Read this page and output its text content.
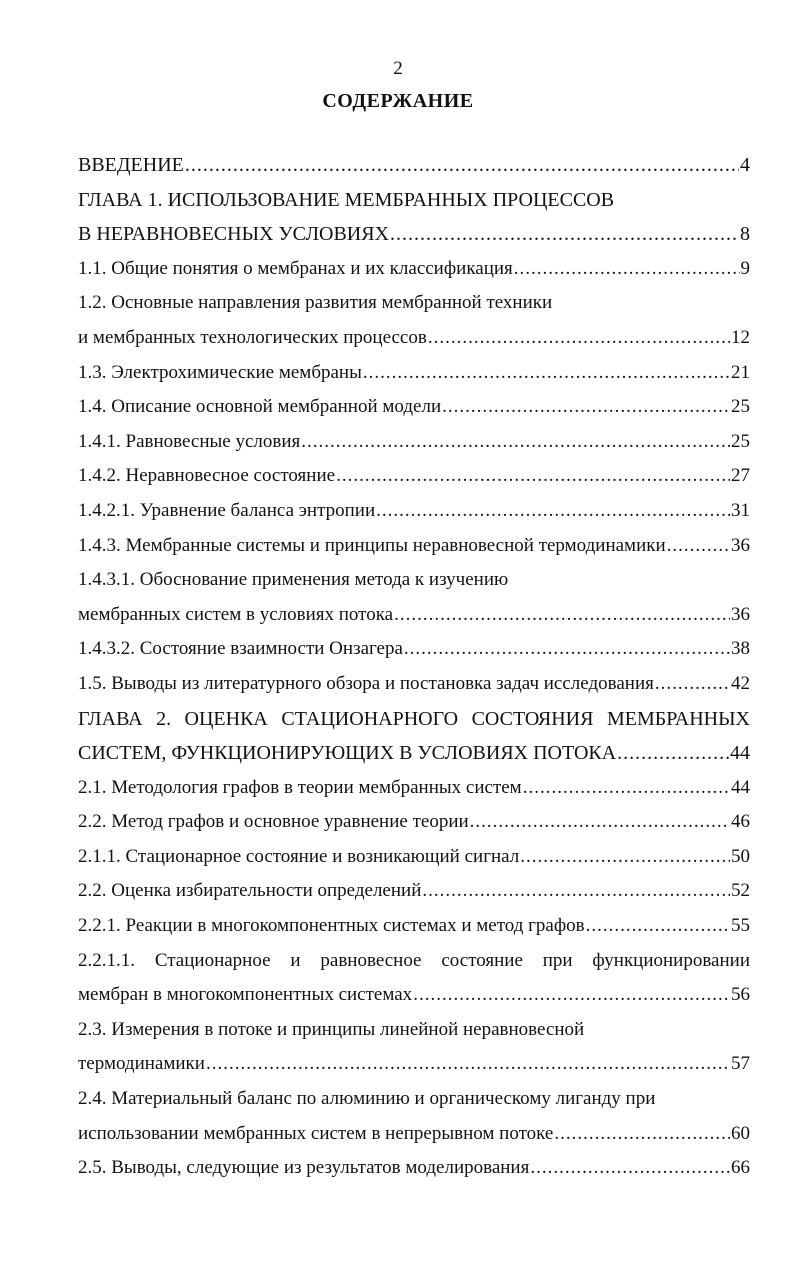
2
СОДЕРЖАНИЕ
ВВЕДЕНИЕ .....	4
ГЛАВА 1. ИСПОЛЬЗОВАНИЕ МЕМБРАННЫХ ПРОЦЕССОВ
В НЕРАВНОВЕСНЫХ УСЛОВИЯХ .....	8
1.1. Общие понятия о мембранах и их классификация .....	9
1.2. Основные направления развития мембранной техники
и мембранных технологических процессов .....	12
1.3. Электрохимические мембраны .....	21
1.4. Описание основной мембранной модели .....	25
1.4.1. Равновесные условия .....	25
1.4.2. Неравновесное состояние .....	27
1.4.2.1. Уравнение баланса энтропии .....	31
1.4.3. Мембранные системы и принципы неравновесной термодинамики .....	36
1.4.3.1. Обоснование применения метода к изучению
мембранных систем в условиях потока .....	36
1.4.3.2. Состояние взаимности Онзагера .....	38
1.5. Выводы из литературного обзора и постановка задач исследования .....	42
ГЛАВА 2. ОЦЕНКА СТАЦИОНАРНОГО СОСТОЯНИЯ МЕМБРАННЫХ
СИСТЕМ, ФУНКЦИОНИРУЮЩИХ В УСЛОВИЯХ ПОТОКА .....	44
2.1. Методология графов в теории мембранных систем .....	44
2.2. Метод графов и основное уравнение теории .....	46
2.1.1. Стационарное состояние и возникающий сигнал .....	50
2.2. Оценка избирательности определений .....	52
2.2.1. Реакции в многокомпонентных системах и метод графов .....	55
2.2.1.1. Стационарное и равновесное состояние при функционировании
мембран в многокомпонентных системах .....	56
2.3. Измерения в потоке и принципы линейной неравновесной
термодинамики .....	57
2.4. Материальный баланс по алюминию и органическому лиганду при
использовании мембранных систем в непрерывном потоке .....	60
2.5. Выводы, следующие из результатов моделирования .....	66
